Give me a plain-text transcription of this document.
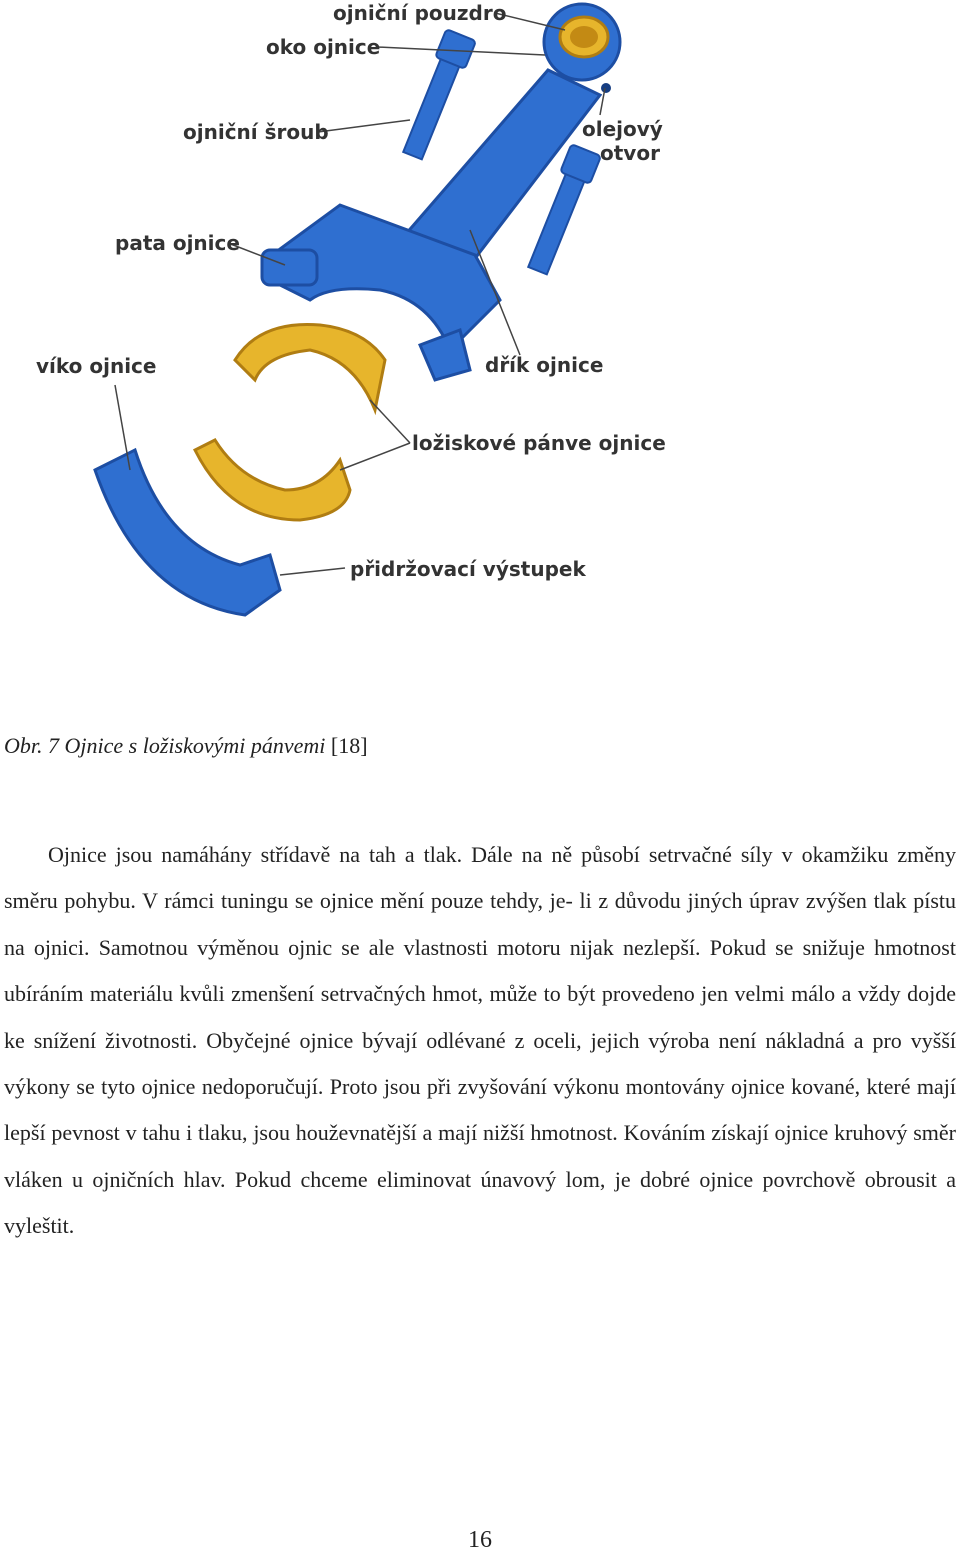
ojniční pouzdro
oko ojnice
ojniční šroub	olejový
otvor
pata ojnice
víko ojnice	dřík ojnice
ložiskové pánve ojnice
přidržovací výstupek

Obr. 7 Ojnice s ložiskovými pánvemi [18]

Ojnice jsou namáhány střídavě na tah a tlak. Dále na ně působí setrvačné síly v okamžiku změny směru pohybu. V rámci tuningu se ojnice mění pouze tehdy, je- li z důvodu jiných úprav zvýšen tlak pístu na ojnici. Samotnou výměnou ojnic se ale vlastnosti motoru nijak nezlepší. Pokud se snižuje hmotnost ubíráním materiálu kvůli zmenšení setrvačných hmot, může to být provedeno jen velmi málo a vždy dojde ke snížení životnosti. Obyčejné ojnice bývají odlévané z oceli, jejich výroba není nákladná a pro vyšší výkony se tyto ojnice nedoporučují. Proto jsou při zvyšování výkonu montovány ojnice kované, které mají lepší pevnost v tahu i tlaku, jsou houževnatější a mají nižší hmotnost. Kováním získají ojnice kruhový směr vláken u ojničních hlav. Pokud chceme eliminovat únavový lom, je dobré ojnice povrchově obrousit a vyleštit.

16
